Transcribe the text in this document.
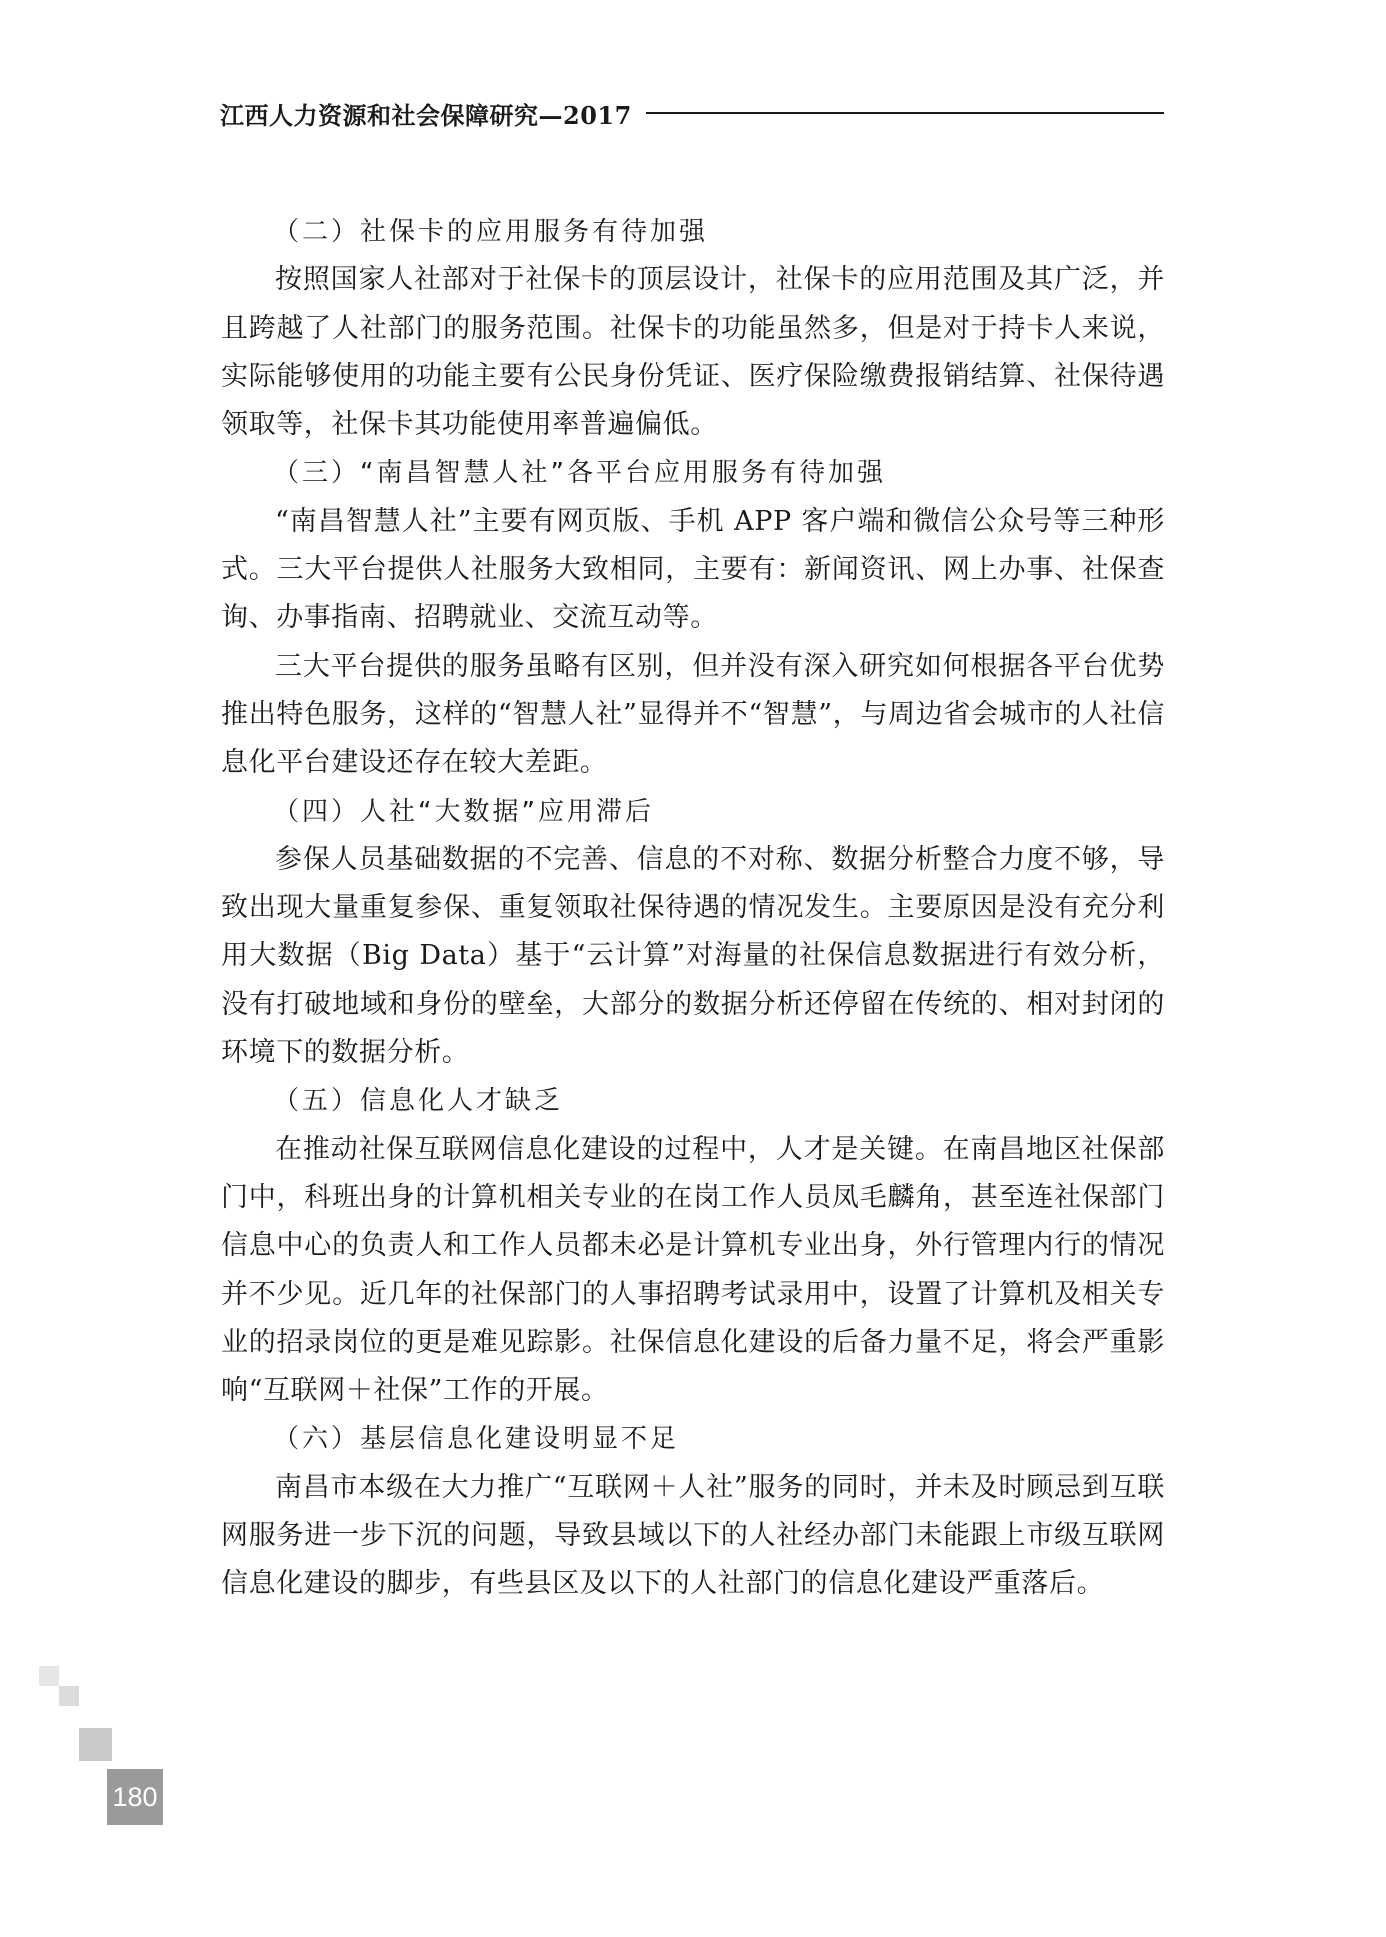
江西人力资源和社会保障研究—2017
（二）社保卡的应用服务有待加强

按照国家人社部对于社保卡的顶层设计，社保卡的应用范围及其广泛，并且跨越了人社部门的服务范围。社保卡的功能虽然多，但是对于持卡人来说，实际能够使用的功能主要有公民身份凭证、医疗保险缴费报销结算、社保待遇领取等，社保卡其功能使用率普遍偏低。

（三）“南昌智慧人社”各平台应用服务有待加强

“南昌智慧人社”主要有网页版、手机 APP 客户端和微信公众号等三种形式。三大平台提供人社服务大致相同，主要有：新闻资讯、网上办事、社保查询、办事指南、招聘就业、交流互动等。

三大平台提供的服务虽略有区别，但并没有深入研究如何根据各平台优势推出特色服务，这样的“智慧人社”显得并不“智慧”，与周边省会城市的人社信息化平台建设还存在较大差距。

（四）人社“大数据”应用滞后

参保人员基础数据的不完善、信息的不对称、数据分析整合力度不够，导致出现大量重复参保、重复领取社保待遇的情况发生。主要原因是没有充分利用大数据（Big Data）基于“云计算”对海量的社保信息数据进行有效分析，没有打破地域和身份的壁垒，大部分的数据分析还停留在传统的、相对封闭的环境下的数据分析。

（五）信息化人才缺乏

在推动社保互联网信息化建设的过程中，人才是关键。在南昌地区社保部门中，科班出身的计算机相关专业的在岗工作人员凤毛麟角，甚至连社保部门信息中心的负责人和工作人员都未必是计算机专业出身，外行管理内行的情况并不少见。近几年的社保部门的人事招聘考试录用中，设置了计算机及相关专业的招录岗位的更是难见踪影。社保信息化建设的后备力量不足，将会严重影响“互联网＋社保”工作的开展。

（六）基层信息化建设明显不足

南昌市本级在大力推广“互联网＋人社”服务的同时，并未及时顾忌到互联网服务进一步下沉的问题，导致县域以下的人社经办部门未能跟上市级互联网信息化建设的脚步，有些县区及以下的人社部门的信息化建设严重落后。

180
